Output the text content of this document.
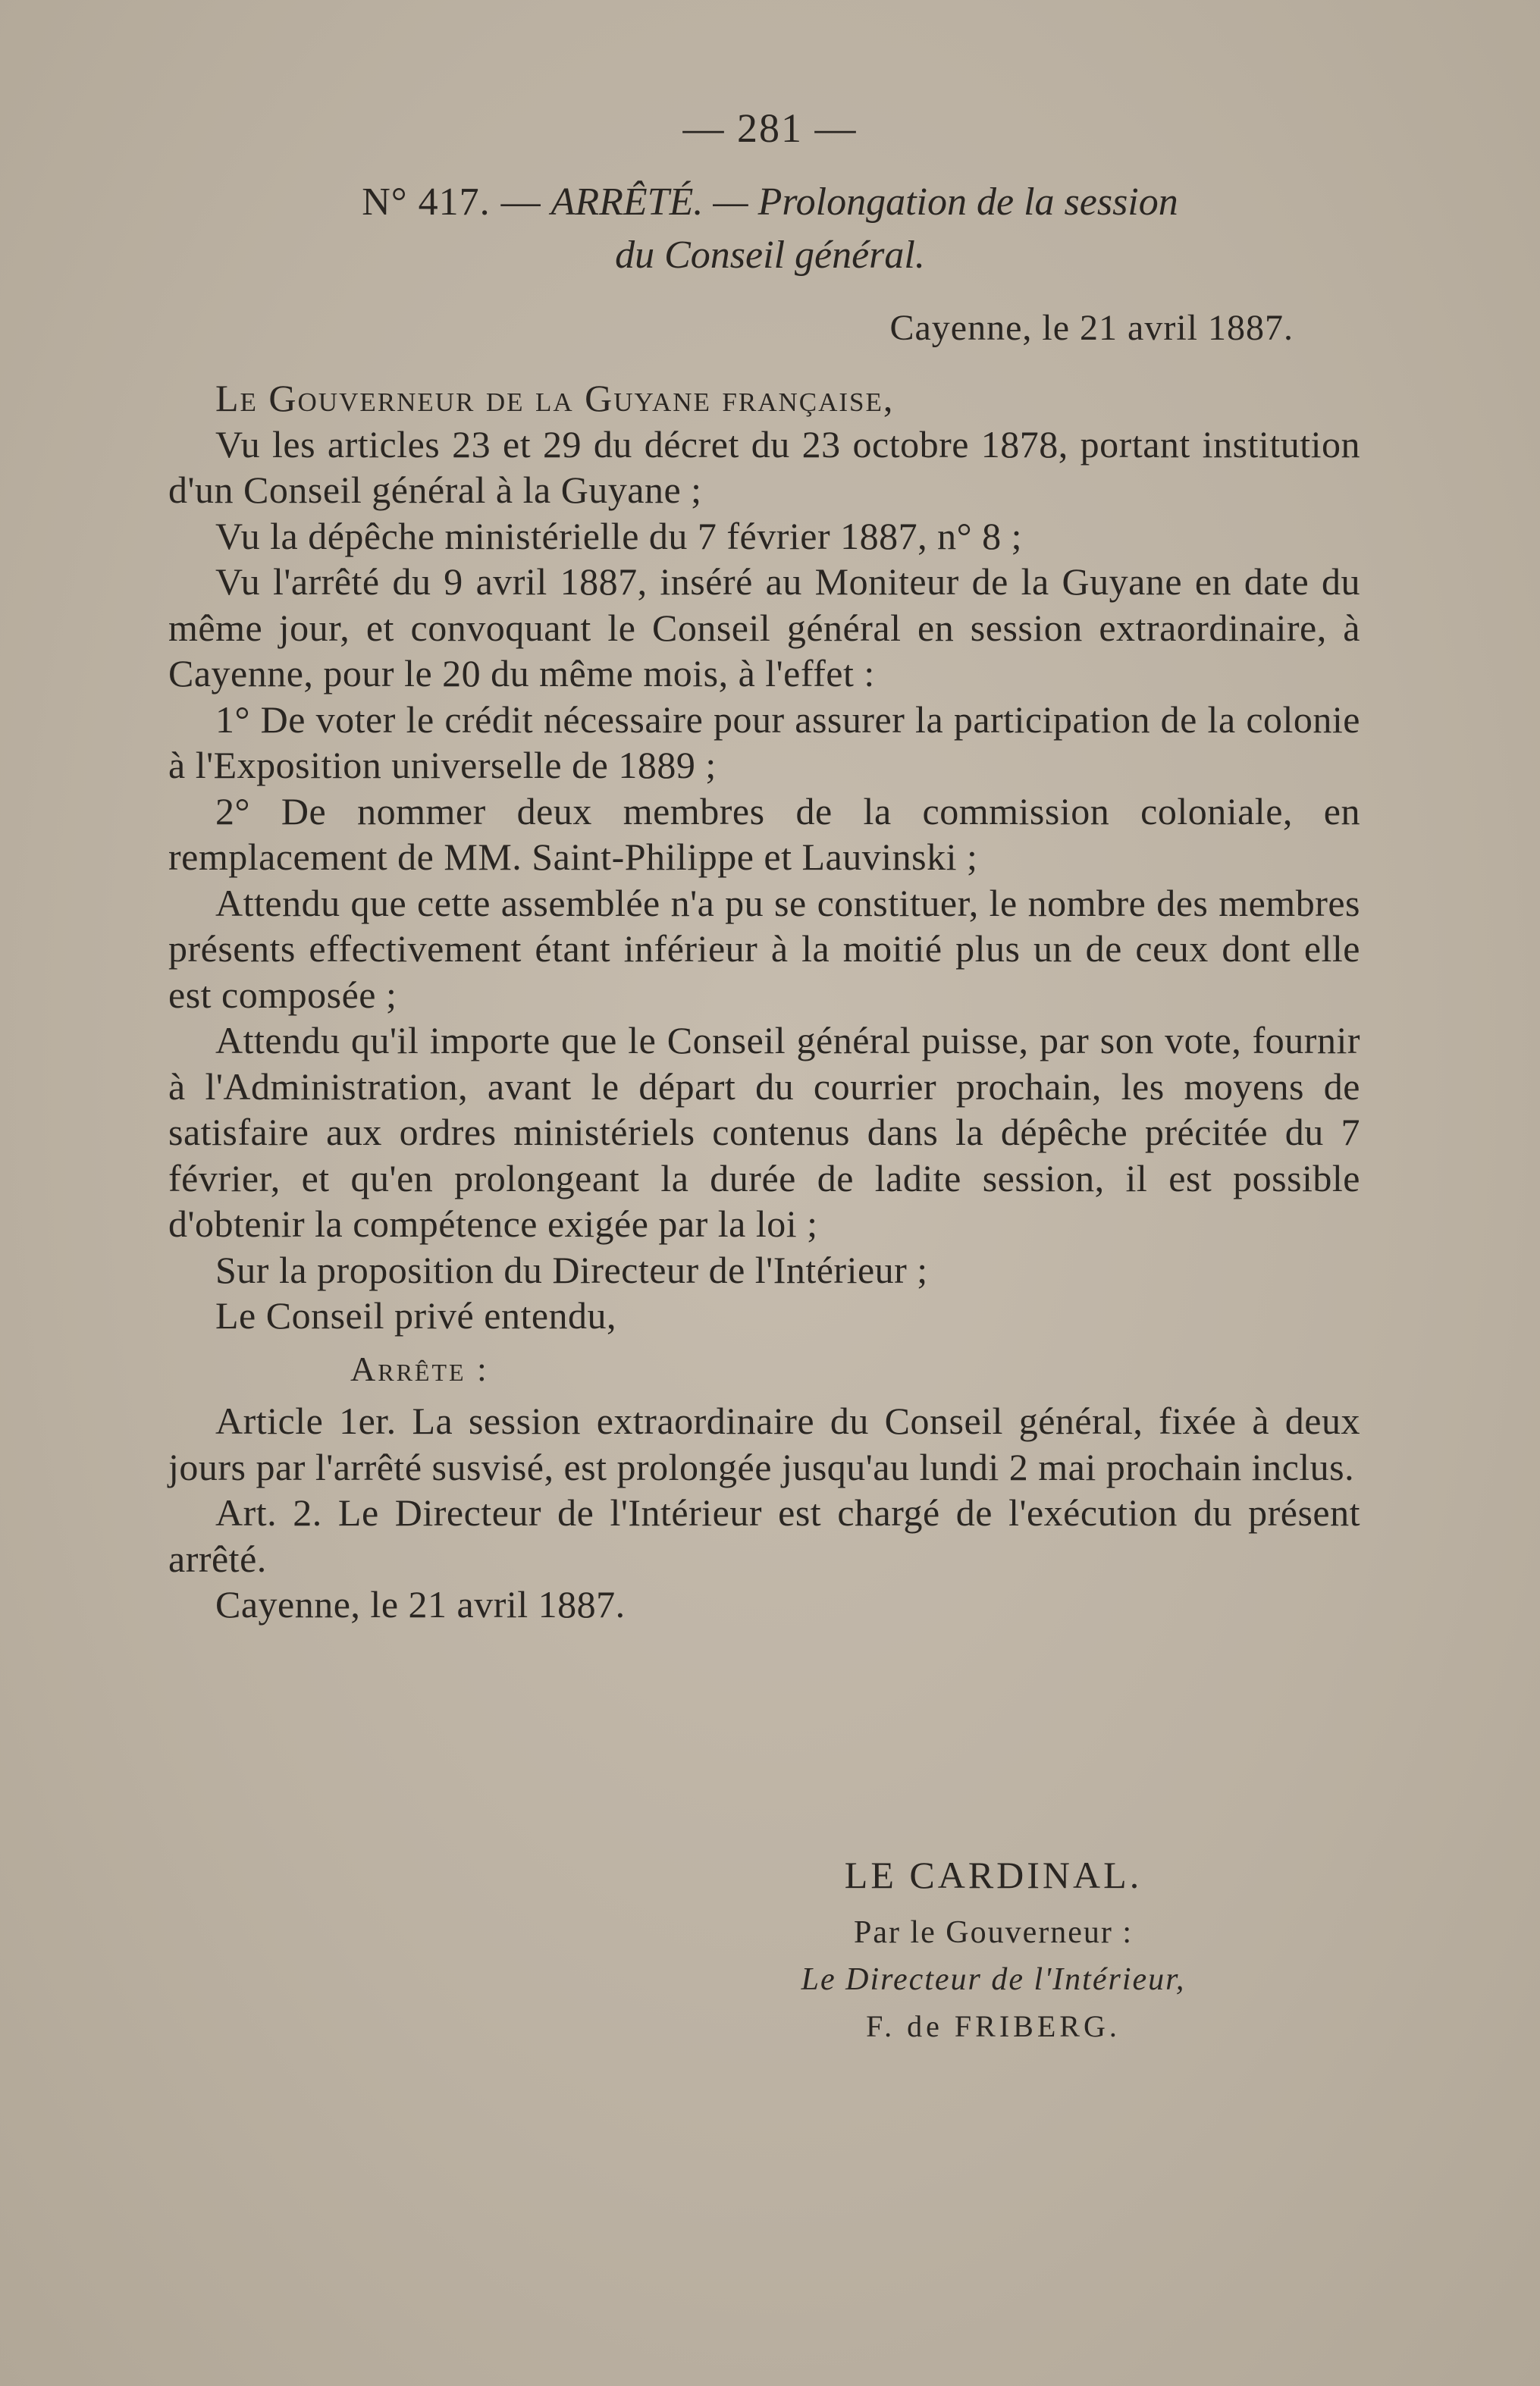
— 281 —
N° 417. — ARRÊTÉ. — Prolongation de la session
du Conseil général.
Cayenne, le 21 avril 1887.

Le Gouverneur de la Guyane française,

Vu les articles 23 et 29 du décret du 23 octobre 1878, portant institution d'un Conseil général à la Guyane ;

Vu la dépêche ministérielle du 7 février 1887, n° 8 ;

Vu l'arrêté du 9 avril 1887, inséré au Moniteur de la Guyane en date du même jour, et convoquant le Conseil général en session extraordinaire, à Cayenne, pour le 20 du même mois, à l'effet :

1° De voter le crédit nécessaire pour assurer la participation de la colonie à l'Exposition universelle de 1889 ;

2° De nommer deux membres de la commission coloniale, en remplacement de MM. Saint-Philippe et Lauvinski ;

Attendu que cette assemblée n'a pu se constituer, le nombre des membres présents effectivement étant inférieur à la moitié plus un de ceux dont elle est composée ;

Attendu qu'il importe que le Conseil général puisse, par son vote, fournir à l'Administration, avant le départ du courrier prochain, les moyens de satisfaire aux ordres ministériels contenus dans la dépêche précitée du 7 février, et qu'en prolongeant la durée de ladite session, il est possible d'obtenir la compétence exigée par la loi ;

Sur la proposition du Directeur de l'Intérieur ;

Le Conseil privé entendu,

Arrête :

Article 1er. La session extraordinaire du Conseil général, fixée à deux jours par l'arrêté susvisé, est prolongée jusqu'au lundi 2 mai prochain inclus.

Art. 2. Le Directeur de l'Intérieur est chargé de l'exécution du présent arrêté.

Cayenne, le 21 avril 1887.

LE CARDINAL.
Par le Gouverneur :
Le Directeur de l'Intérieur,
F. de FRIBERG.
